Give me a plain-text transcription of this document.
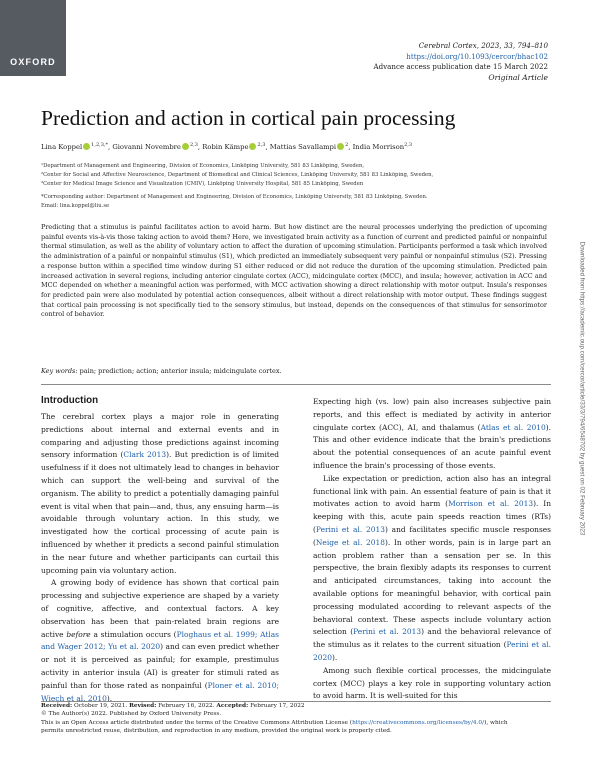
OXFORD
Cerebral Cortex, 2023, 33, 794–810
https://doi.org/10.1093/cercor/bhac102
Advance access publication date 15 March 2022
Original Article
Prediction and action in cortical pain processing
Lina Koppel $^{1,2,3,*}$, Giovanni Novembre $^{2,3}$, Robin Kämpe $^{2,3}$, Mattias Savallampi $^2$, India Morrison$^{2,3}$
¹Department of Management and Engineering, Division of Economics, Linköping University, 581 83 Linköping, Sweden,
²Center for Social and Affective Neuroscience, Department of Biomedical and Clinical Sciences, Linköping University, 581 83 Linköping, Sweden,
³Center for Medical Image Science and Visualization (CMIV), Linköping University Hospital, 581 85 Linköping, Sweden
*Corresponding author: Department of Management and Engineering, Division of Economics, Linköping University, 581 83 Linköping, Sweden.
Email: lina.koppel@liu.se
Predicting that a stimulus is painful facilitates action to avoid harm. But how distinct are the neural processes underlying the prediction of upcoming painful events vis-à-vis those taking action to avoid them? Here, we investigated brain activity as a function of current and predicted painful or nonpainful thermal stimulation, as well as the ability of voluntary action to affect the duration of upcoming stimulation. Participants performed a task which involved the administration of a painful or nonpainful stimulus (S1), which predicted an immediately subsequent very painful or nonpainful stimulus (S2). Pressing a response button within a specified time window during S1 either reduced or did not reduce the duration of the upcoming stimulation. Predicted pain increased activation in several regions, including anterior cingulate cortex (ACC), midcingulate cortex (MCC), and insula; however, activation in ACC and MCC depended on whether a meaningful action was performed, with MCC activation showing a direct relationship with motor output. Insula's responses for predicted pain were also modulated by potential action consequences, albeit without a direct relationship with motor output. These findings suggest that cortical pain processing is not specifically tied to the sensory stimulus, but instead, depends on the consequences of that stimulus for sensorimotor control of behavior.
Key words: pain; prediction; action; anterior insula; midcingulate cortex.
Introduction

The cerebral cortex plays a major role in generating predictions about internal and external events and in comparing and adjusting those predictions against incoming sensory information (Clark 2013). But prediction is of limited usefulness if it does not ultimately lead to changes in behavior which can support the well-being and survival of the organism. The ability to predict a potentially damaging painful event is vital when that pain—and, thus, any ensuing harm—is avoidable through voluntary action. In this study, we investigated how the cortical processing of acute pain is influenced by whether it predicts a second painful stimulation in the near future and whether participants can curtail this upcoming pain via voluntary action.

A growing body of evidence has shown that cortical pain processing and subjective experience are shaped by a variety of cognitive, affective, and contextual factors. A key observation has been that pain-related brain regions are active before a stimulation occurs (Ploghaus et al. 1999; Atlas and Wager 2012; Yu et al. 2020) and can even predict whether or not it is perceived as painful; for example, prestimulus activity in anterior insula (AI) is greater for stimuli rated as painful than for those rated as nonpainful (Ploner et al. 2010; Wiech et al. 2010).

Expecting high (vs. low) pain also increases subjective pain reports, and this effect is mediated by activity in anterior cingulate cortex (ACC), AI, and thalamus (Atlas et al. 2010). This and other evidence indicate that the brain's predictions about the potential consequences of an acute painful event influence the brain's processing of those events.

Like expectation or prediction, action also has an integral functional link with pain. An essential feature of pain is that it motivates action to avoid harm (Morrison et al. 2013). In keeping with this, acute pain speeds reaction times (RTs) (Perini et al. 2013) and facilitates specific muscle responses (Neige et al. 2018). In other words, pain is in large part an action problem rather than a sensation per se. In this perspective, the brain flexibly adapts its responses to current and anticipated circumstances, taking into account the available options for meaningful behavior, with cortical pain processing modulated according to relevant aspects of the behavioral context. These aspects include voluntary action selection (Perini et al. 2013) and the behavioral relevance of the stimulus as it relates to the current situation (Perini et al. 2020).

Among such flexible cortical processes, the midcingulate cortex (MCC) plays a key role in supporting voluntary action to avoid harm. It is well-suited for this

Received: October 19, 2021. Revised: February 16, 2022. Accepted: February 17, 2022
© The Author(s) 2022. Published by Oxford University Press.
This is an Open Access article distributed under the terms of the Creative Commons Attribution License (https://creativecommons.org/licenses/by/4.0/), which
permits unrestricted reuse, distribution, and reproduction in any medium, provided the original work is properly cited.
Downloaded from https://academic.oup.com/cercor/article/33/3/794/6548702 by guest on 02 February 2023
